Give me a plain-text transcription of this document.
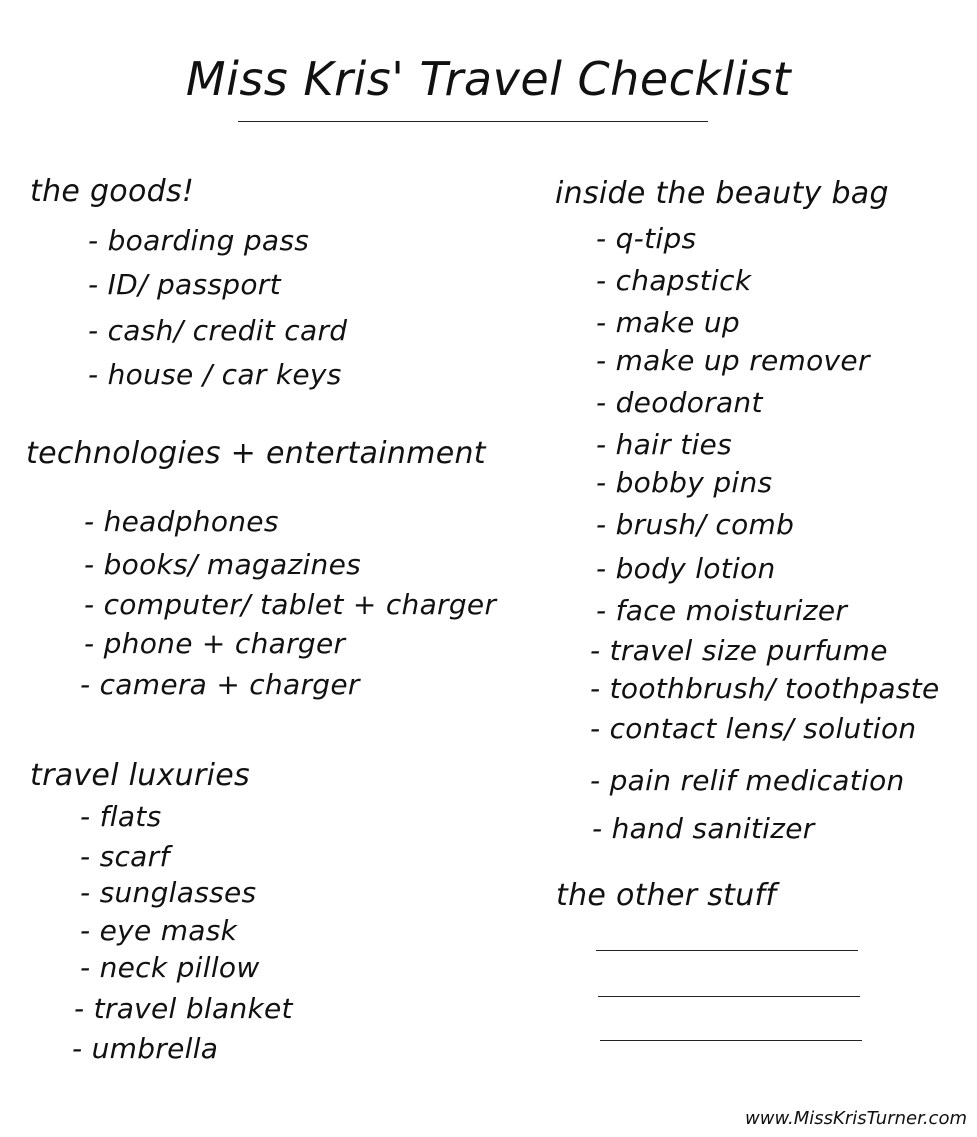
Miss Kris' Travel Checklist
the goods!
- boarding pass
- ID/ passport
- cash/ credit card
- house / car keys
technologies + entertainment
- headphones
- books/ magazines
- computer/ tablet + charger
- phone + charger
- camera + charger
travel luxuries
- flats
- scarf
- sunglasses
- eye mask
- neck pillow
- travel blanket
- umbrella
inside the beauty bag
- q-tips
- chapstick
- make up
- make up remover
- deodorant
- hair ties
- bobby pins
- brush/ comb
- body lotion
- face moisturizer
- travel size purfume
- toothbrush/ toothpaste
- contact lens/ solution
- pain relif medication
- hand sanitizer
the other stuff
www.MissKrisTurner.com
